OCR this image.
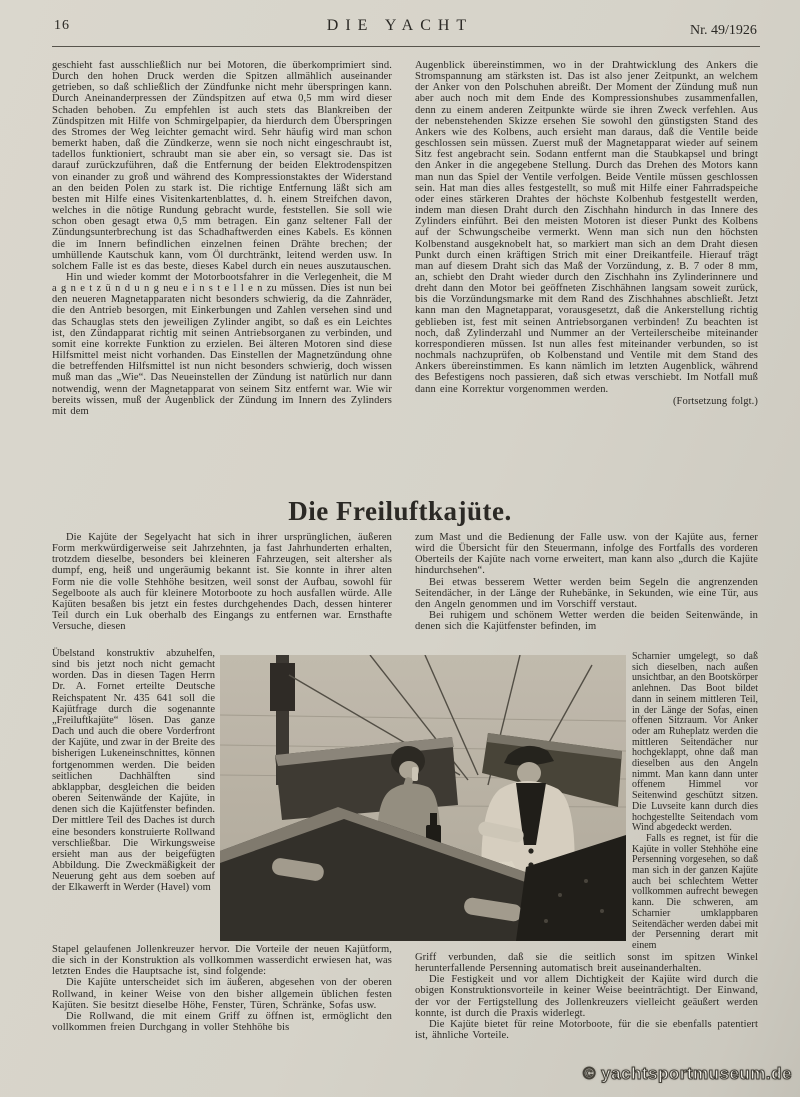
16	DIE YACHT	Nr. 49/1926

geschieht fast ausschließlich nur bei Motoren, die überkomprimiert sind. Durch den hohen Druck werden die Spitzen allmählich auseinander getrieben, so daß schließlich der Zündfunke nicht mehr überspringen kann. Durch Aneinanderpressen der Zündspitzen auf etwa 0,5 mm wird dieser Schaden behoben. Zu empfehlen ist auch stets das Blankreiben der Zündspitzen mit Hilfe von Schmirgelpapier, da hierdurch dem Überspringen des Stromes der Weg leichter gemacht wird. Sehr häufig wird man schon bemerkt haben, daß die Zündkerze, wenn sie noch nicht eingeschraubt ist, tadellos funktioniert, schraubt man sie aber ein, so versagt sie. Das ist darauf zurückzuführen, daß die Entfernung der beiden Elektrodenspitzen von einander zu groß und während des Kompressionstaktes der Widerstand an den beiden Polen zu stark ist. Die richtige Entfernung läßt sich am besten mit Hilfe eines Visitenkartenblattes, d. h. einem Streifchen davon, welches in die nötige Rundung gebracht wurde, feststellen. Sie soll wie schon oben gesagt etwa 0,5 mm betragen. Ein ganz seltener Fall der Zündungsunterbrechung ist das Schadhaftwerden eines Kabels. Es können die im Innern befindlichen einzelnen feinen Drähte brechen; der umhüllende Kautschuk kann, vom Öl durchtränkt, leitend werden usw. In solchem Falle ist es das beste, dieses Kabel durch ein neues auszutauschen.

Hin und wieder kommt der Motorbootsfahrer in die Verlegenheit, die M a g n e t z ü n d u n g neu e i n s t e l l e n zu müssen. Dies ist nun bei den neueren Magnetapparaten nicht besonders schwierig, da die Zahnräder, die den Antrieb besorgen, mit Einkerbungen und Zahlen versehen sind und das Schauglas stets den jeweiligen Zylinder angibt, so daß es ein Leichtes ist, den Zündapparat richtig mit seinen Antriebsorganen zu verbinden, und somit eine korrekte Funktion zu erzielen. Bei älteren Motoren sind diese Hilfsmittel meist nicht vorhanden. Das Einstellen der Magnetzündung ohne die betreffenden Hilfsmittel ist nun nicht besonders schwierig, doch wissen muß man das „Wie“. Das Neueinstellen der Zündung ist natürlich nur dann notwendig, wenn der Magnetapparat von seinem Sitz entfernt war. Wie wir bereits wissen, muß der Augenblick der Zündung im Innern des Zylinders mit dem

Augenblick übereinstimmen, wo in der Drahtwicklung des Ankers die Stromspannung am stärksten ist. Das ist also jener Zeitpunkt, an welchem der Anker von den Polschuhen abreißt. Der Moment der Zündung muß nun aber auch noch mit dem Ende des Kompressionshubes zusammenfallen, denn zu einem anderen Zeitpunkte würde sie ihren Zweck verfehlen. Aus der nebenstehenden Skizze ersehen Sie sowohl den günstigsten Stand des Ankers wie des Kolbens, auch ersieht man daraus, daß die Ventile beide geschlossen sein müssen. Zuerst muß der Magnetapparat wieder auf seinem Sitz fest angebracht sein. Sodann entfernt man die Staubkapsel und bringt den Anker in die angegebene Stellung. Durch das Drehen des Motors kann man nun das Spiel der Ventile verfolgen. Beide Ventile müssen geschlossen sein. Hat man dies alles festgestellt, so muß mit Hilfe einer Fahrradspeiche oder eines stärkeren Drahtes der höchste Kolbenhub festgestellt werden, indem man diesen Draht durch den Zischhahn hindurch in das Innere des Zylinders einführt. Bei den meisten Motoren ist dieser Punkt des Kolbens auf der Schwungscheibe vermerkt. Wenn man sich nun den höchsten Kolbenstand ausgeknobelt hat, so markiert man sich an dem Draht diesen Punkt durch einen kräftigen Strich mit einer Dreikantfeile. Hierauf trägt man auf diesem Draht sich das Maß der Vorzündung, z. B. 7 oder 8 mm, an, schiebt den Draht wieder durch den Zischhahn ins Zylinderinnere und dreht dann den Motor bei geöffneten Zischhähnen langsam soweit zurück, bis die Vorzündungsmarke mit dem Rand des Zischhahnes abschließt. Jetzt kann man den Magnetapparat, vorausgesetzt, daß die Ankerstellung richtig geblieben ist, fest mit seinen Antriebsorganen verbinden! Zu beachten ist noch, daß Zylinderzahl und Nummer an der Verteilerscheibe miteinander korrespondieren müssen. Ist nun alles fest miteinander verbunden, so ist nochmals nachzuprüfen, ob Kolbenstand und Ventile mit dem Stand des Ankers übereinstimmen. Es kann nämlich im letzten Augenblick, während des Befestigens noch passieren, daß sich etwas verschiebt. Im Notfall muß dann eine Korrektur vorgenommen werden.

(Fortsetzung folgt.)

Die Freiluftkajüte.

Die Kajüte der Segelyacht hat sich in ihrer ursprünglichen, äußeren Form merkwürdigerweise seit Jahrzehnten, ja fast Jahrhunderten erhalten, trotzdem dieselbe, besonders bei kleineren Fahrzeugen, seit altersher als dumpf, eng, heiß und ungeräumig bekannt ist. Sie konnte in ihrer alten Form nie die volle Stehhöhe besitzen, weil sonst der Aufbau, sowohl für Segelboote als auch für kleinere Motorboote zu hoch ausfallen würde. Alle Kajüten besaßen bis jetzt ein festes durchgehendes Dach, dessen hinterer Teil durch ein Luk oberhalb des Eingangs zu entfernen war. Ernsthafte Versuche, diesen

Übelstand konstruktiv abzuhelfen, sind bis jetzt noch nicht gemacht worden. Das in diesen Tagen Herrn Dr. A. Fornet erteilte Deutsche Reichspatent Nr. 435 641 soll die Kajütfrage durch die sogenannte „Freiluftkajüte“ lösen. Das ganze Dach und auch die obere Vorderfront der Kajüte, und zwar in der Breite des bisherigen Lukeneinschnittes, können fortgenommen werden. Die beiden seitlichen Dachhälften sind abklappbar, desgleichen die beiden oberen Seitenwände der Kajüte, in denen sich die Kajütfenster befinden. Der mittlere Teil des Daches ist durch eine besonders konstruierte Rollwand verschließbar. Die Wirkungsweise ersieht man aus der beigefügten Abbildung. Die Zweckmäßigkeit der Neuerung geht aus dem soeben auf der Elkawerft in Werder (Havel) vom

Stapel gelaufenen Jollenkreuzer hervor. Die Vorteile der neuen Kajütform, die sich in der Konstruktion als vollkommen wasserdicht erwiesen hat, was letzten Endes die Hauptsache ist, sind folgende:

Die Kajüte unterscheidet sich im äußeren, abgesehen von der oberen Rollwand, in keiner Weise von den bisher allgemein üblichen festen Kajüten. Sie besitzt dieselbe Höhe, Fenster, Türen, Schränke, Sofas usw.

Die Rollwand, die mit einem Griff zu öffnen ist, ermöglicht den vollkommen freien Durchgang in voller Stehhöhe bis

zum Mast und die Bedienung der Falle usw. von der Kajüte aus, ferner wird die Übersicht für den Steuermann, infolge des Fortfalls des vorderen Oberteils der Kajüte nach vorne erweitert, man kann also „durch die Kajüte hindurchsehen“.

Bei etwas besserem Wetter werden beim Segeln die angrenzenden Seitendächer, in der Länge der Ruhebänke, in Sekunden, wie eine Tür, aus den Angeln genommen und im Vorschiff verstaut.

Bei ruhigem und schönem Wetter werden die beiden Seitenwände, in denen sich die Kajütfenster befinden, im

Scharnier umgelegt, so daß sich dieselben, nach außen unsichtbar, an den Bootskörper anlehnen. Das Boot bildet dann in seinem mittleren Teil, in der Länge der Sofas, einen offenen Sitzraum. Vor Anker oder am Ruheplatz werden die mittleren Seitendächer nur hochgeklappt, ohne daß man dieselben aus den Angeln nimmt. Man kann dann unter offenem Himmel vor Seitenwind geschützt sitzen. Die Luvseite kann durch dies hochgestellte Seitendach vom Wind abgedeckt werden.

Falls es regnet, ist für die Kajüte in voller Stehhöhe eine Persenning vorgesehen, so daß man sich in der ganzen Kajüte auch bei schlechtem Wetter vollkommen aufrecht bewegen kann. Die schweren, am Scharnier umklappbaren Seitendächer werden dabei mit der Persenning derart mit einem

Griff verbunden, daß sie die seitlich sonst im spitzen Winkel herunterfallende Persenning automatisch breit auseinanderhalten.

Die Festigkeit und vor allem Dichtigkeit der Kajüte wird durch die obigen Konstruktionsvorteile in keiner Weise beeinträchtigt. Der Einwand, der vor der Fertigstellung des Jollenkreuzers vielleicht geäußert werden konnte, ist durch die Praxis widerlegt.

Die Kajüte bietet für reine Motorboote, für die sie ebenfalls patentiert ist, ähnliche Vorteile.

© yachtsportmuseum.de
